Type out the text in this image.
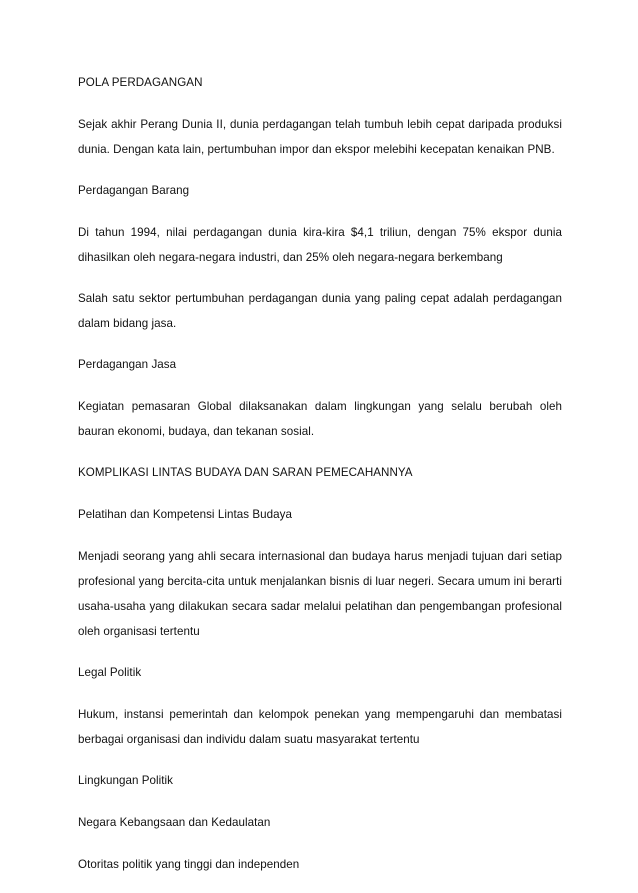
POLA PERDAGANGAN

Sejak akhir Perang Dunia II, dunia perdagangan telah tumbuh lebih cepat daripada produksi dunia. Dengan kata lain, pertumbuhan impor dan ekspor melebihi kecepatan kenaikan PNB.

Perdagangan Barang

Di tahun 1994, nilai perdagangan dunia kira-kira $4,1 triliun, dengan 75% ekspor dunia dihasilkan oleh negara-negara industri, dan 25% oleh negara-negara berkembang

Salah satu sektor pertumbuhan perdagangan dunia yang paling cepat adalah perdagangan dalam bidang jasa.

Perdagangan Jasa

Kegiatan pemasaran Global dilaksanakan dalam lingkungan yang selalu berubah oleh bauran ekonomi, budaya, dan tekanan sosial.

KOMPLIKASI LINTAS BUDAYA DAN SARAN PEMECAHANNYA

Pelatihan dan Kompetensi Lintas Budaya

Menjadi seorang yang ahli secara internasional dan budaya harus menjadi tujuan dari setiap profesional yang bercita-cita untuk menjalankan bisnis di luar negeri. Secara umum ini berarti usaha-usaha yang dilakukan secara sadar melalui pelatihan dan pengembangan profesional oleh organisasi tertentu

Legal Politik

Hukum, instansi pemerintah dan kelompok penekan yang mempengaruhi dan membatasi berbagai organisasi dan individu dalam suatu masyarakat tertentu

Lingkungan Politik

Negara Kebangsaan dan Kedaulatan

Otoritas politik yang tinggi dan independen
